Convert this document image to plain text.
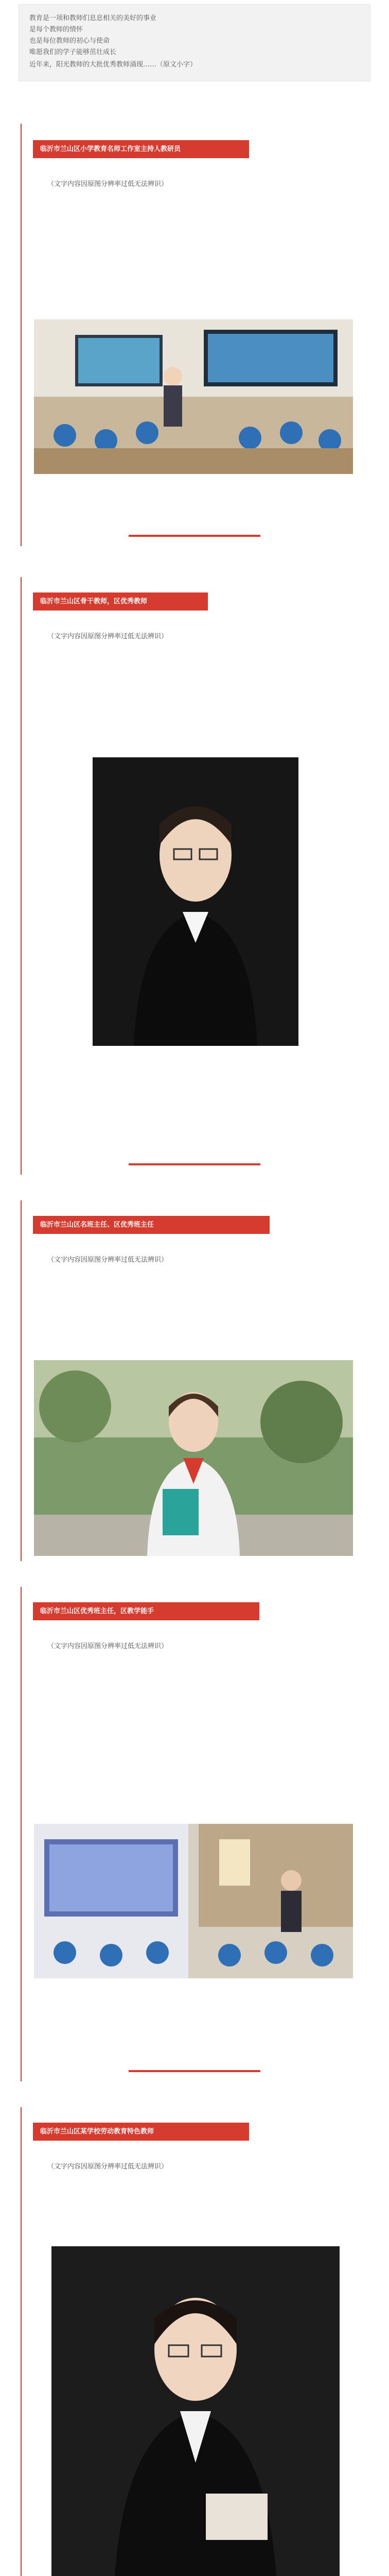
教育是一项和教师们息息相关的美好的事业

是每个教师的情怀

也是每位教师的初心与使命

唯愿我们的学子能够茁壮成长

近年来，阳光教师的大批优秀教师涌现……（原文小字）

临沂市兰山区小学教育名师工作室主持人教研员

（文字内容因原图分辨率过低无法辨识）

临沂市兰山区骨干教师，区优秀教师

（文字内容因原图分辨率过低无法辨识）

临沂市兰山区名班主任、区优秀班主任

（文字内容因原图分辨率过低无法辨识）

临沂市兰山区优秀班主任，区教学能手

（文字内容因原图分辨率过低无法辨识）

临沂市兰山区某学校劳动教育特色教师

（文字内容因原图分辨率过低无法辨识）
